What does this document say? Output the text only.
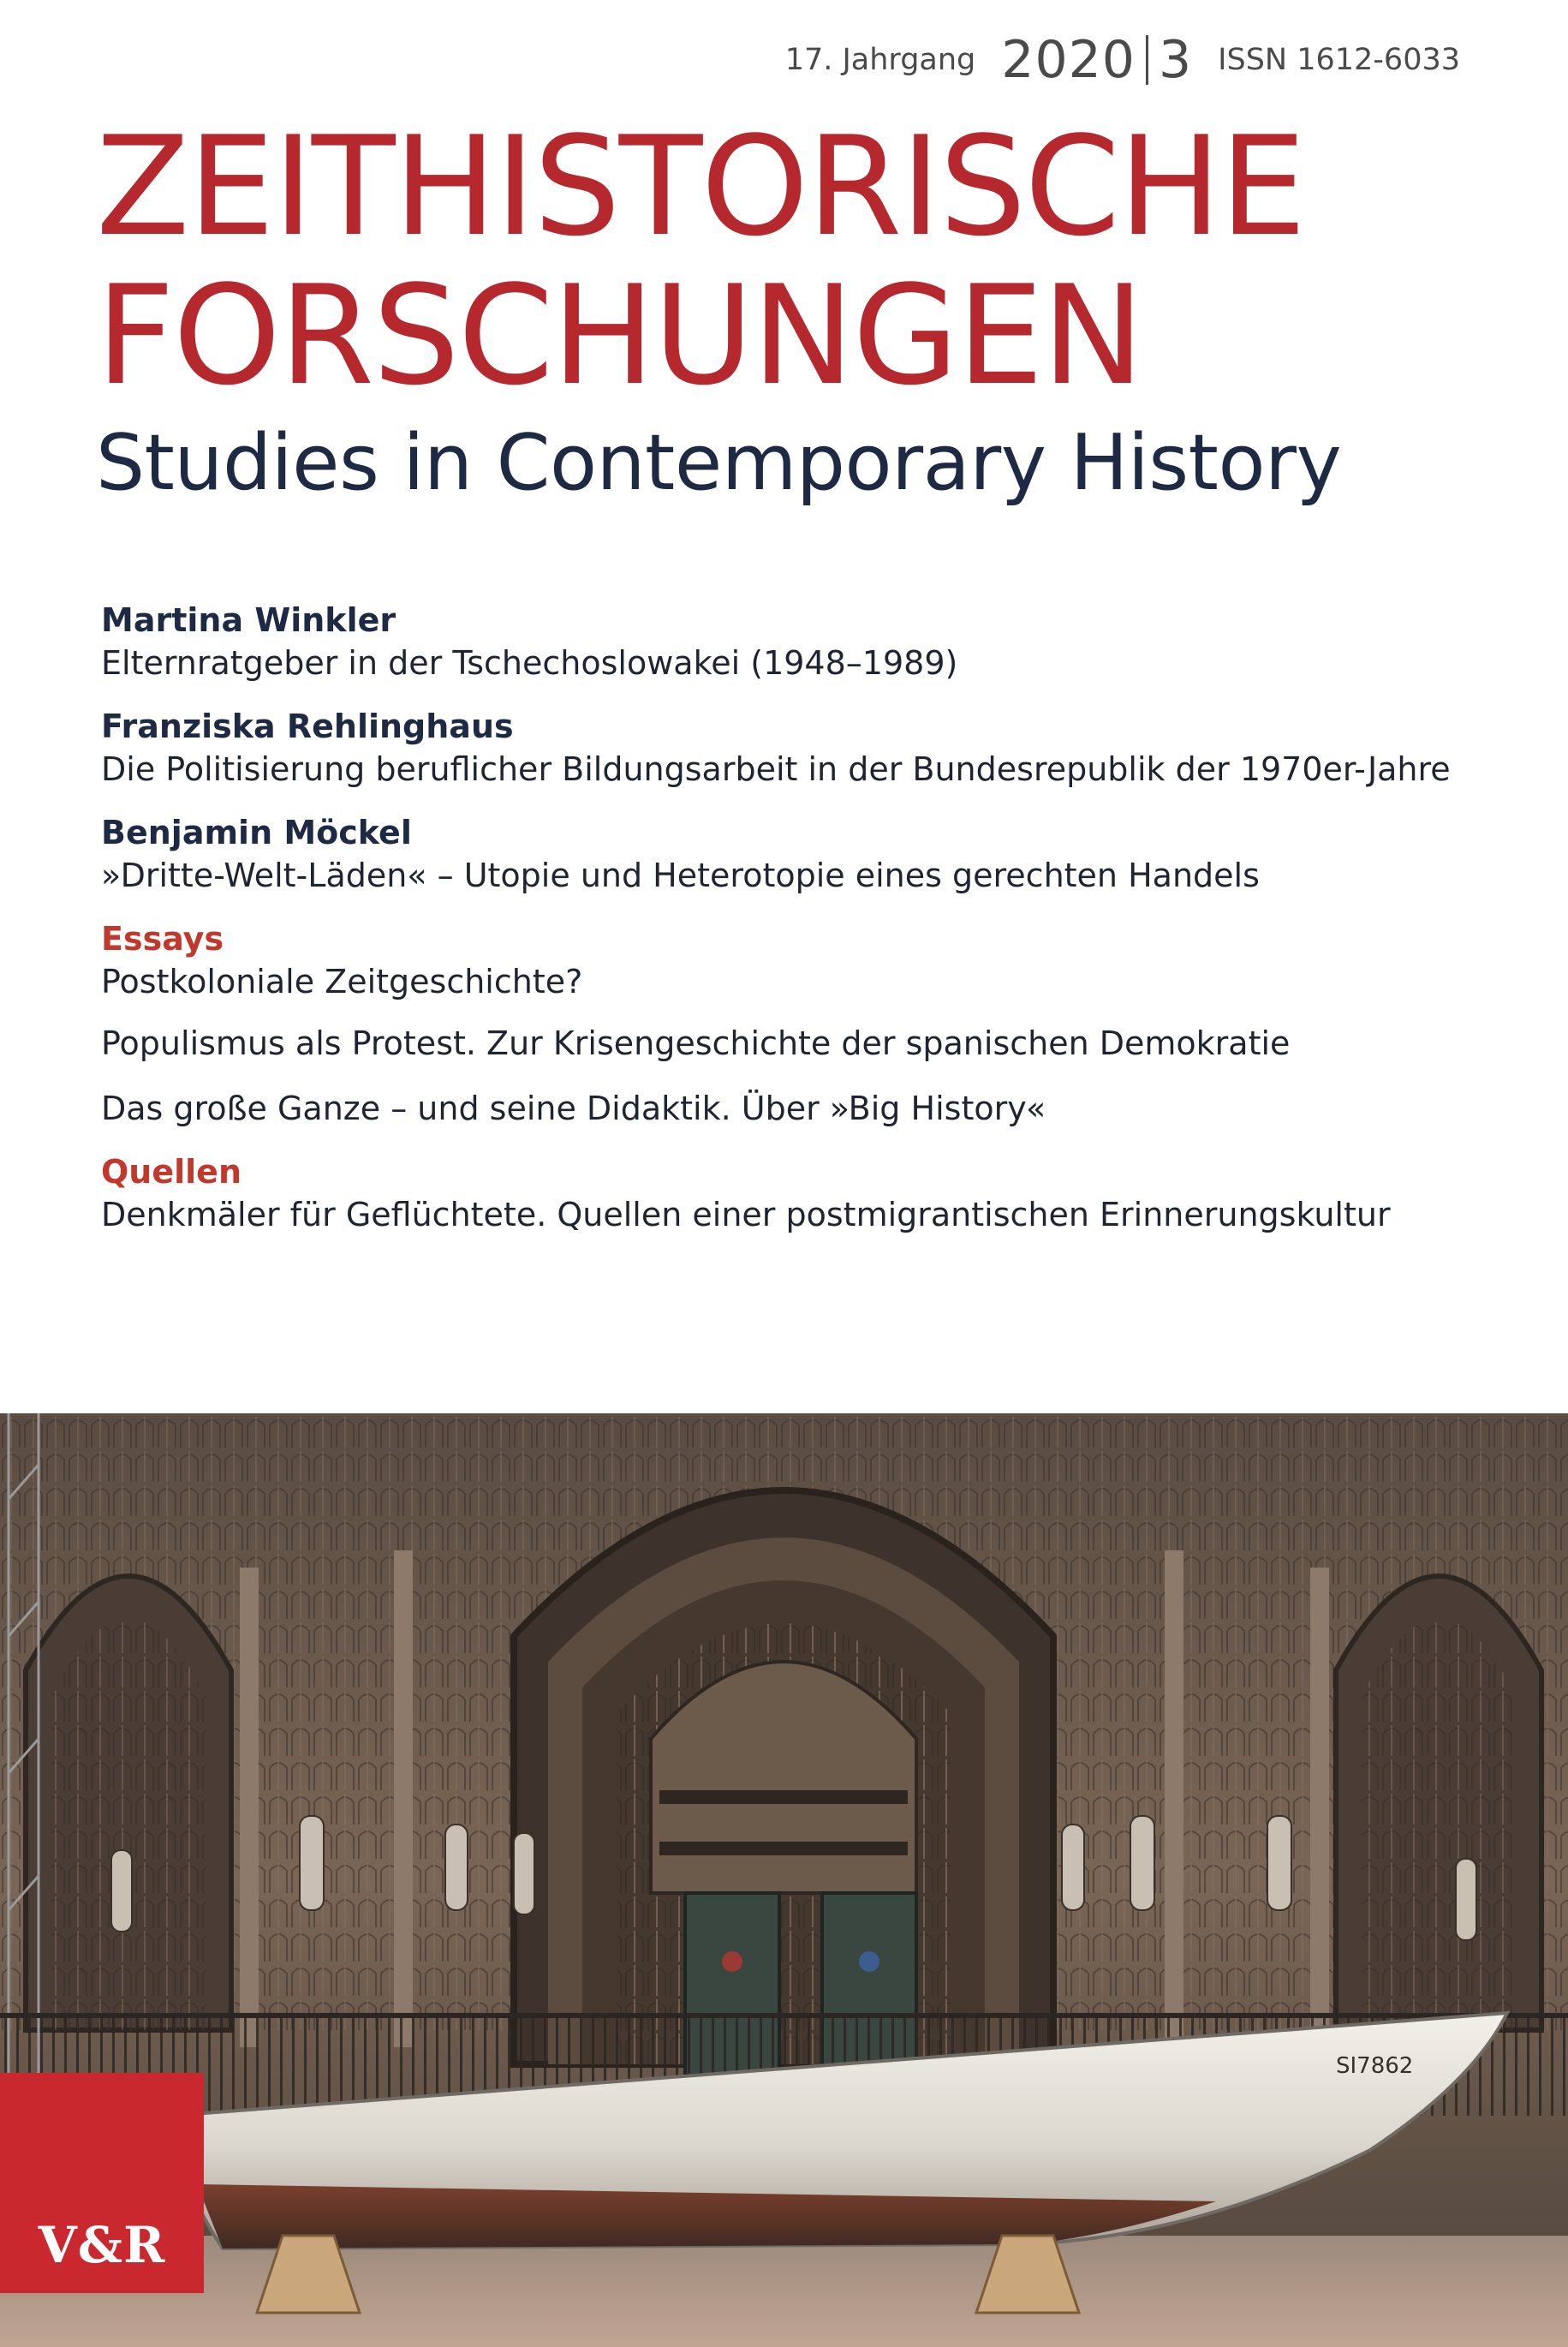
17. Jahrgang 2020 3 ISSN 1612-6033
ZEITHISTORISCHE
FORSCHUNGEN
Studies in Contemporary History
Martina Winkler
Elternratgeber in der Tschechoslowakei (1948–1989)
Franziska Rehlinghaus
Die Politisierung beruflicher Bildungsarbeit in der Bundesrepublik der 1970er-Jahre
Benjamin Möckel
»Dritte-Welt-Läden« – Utopie und Heterotopie eines gerechten Handels
Essays
Postkoloniale Zeitgeschichte?
Populismus als Protest. Zur Krisengeschichte der spanischen Demokratie
Das große Ganze – und seine Didaktik. Über »Big History«
Quellen
Denkmäler für Geflüchtete. Quellen einer postmigrantischen Erinnerungskultur
SI7862
V&R
